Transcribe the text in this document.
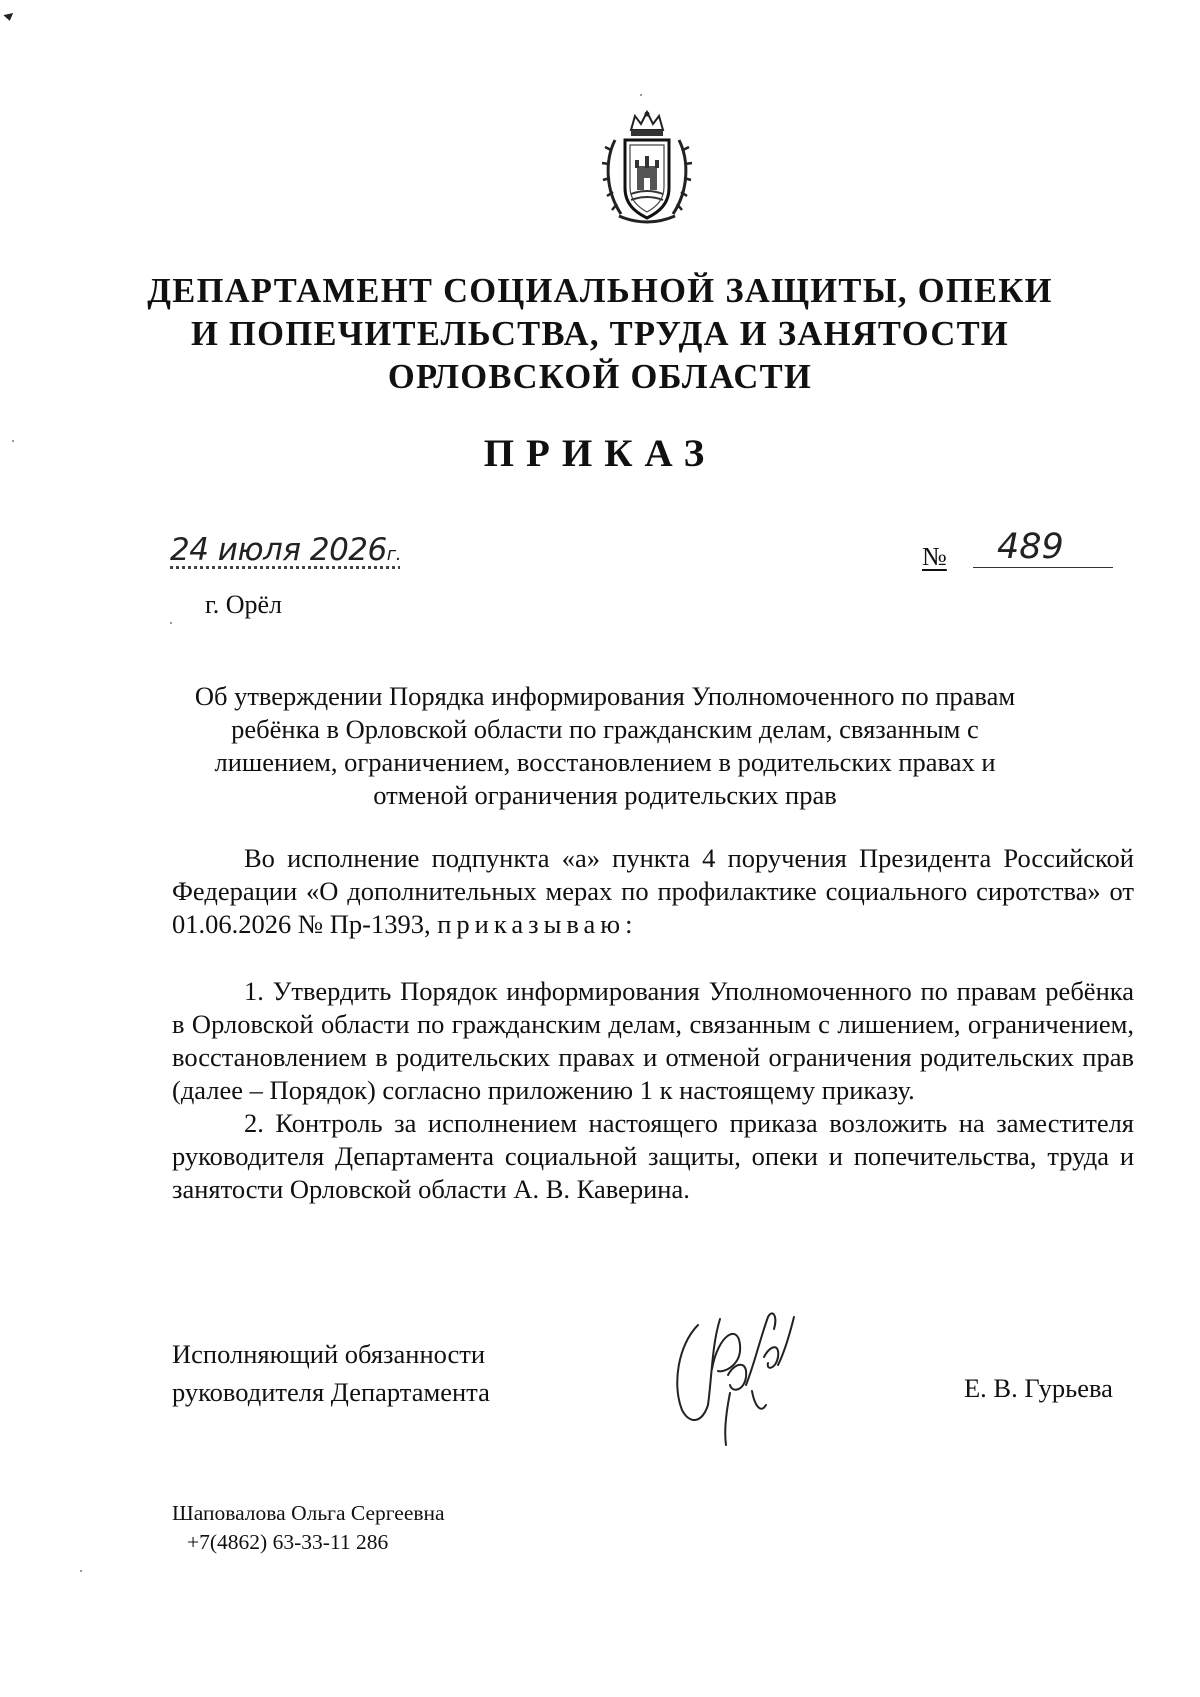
ДЕПАРТАМЕНТ СОЦИАЛЬНОЙ ЗАЩИТЫ, ОПЕКИ
И ПОПЕЧИТЕЛЬСТВА, ТРУДА И ЗАНЯТОСТИ
ОРЛОВСКОЙ ОБЛАСТИ
ПРИКАЗ
24 июля 2026г.	№	489
г. Орёл
Об утверждении Порядка информирования Уполномоченного по правам
ребёнка в Орловской области по гражданским делам, связанным с
лишением, ограничением, восстановлением в родительских правах и
отменой ограничения родительских прав

Во исполнение подпункта «а» пункта 4 поручения Президента Российской Федерации «О дополнительных мерах по профилактике социального сиротства» от 01.06.2026 № Пр-1393, приказываю:

1. Утвердить Порядок информирования Уполномоченного по правам ребёнка в Орловской области по гражданским делам, связанным с лишением, ограничением, восстановлением в родительских правах и отменой ограничения родительских прав (далее – Порядок) согласно приложению 1 к настоящему приказу.

2. Контроль за исполнением настоящего приказа возложить на заместителя руководителя Департамента социальной защиты, опеки и попечительства, труда и занятости Орловской области А. В. Каверина.

Исполняющий обязанности
руководителя Департамента	Е. В. Гурьева
Шаповалова Ольга Сергеевна
+7(4862) 63-33-11 286
